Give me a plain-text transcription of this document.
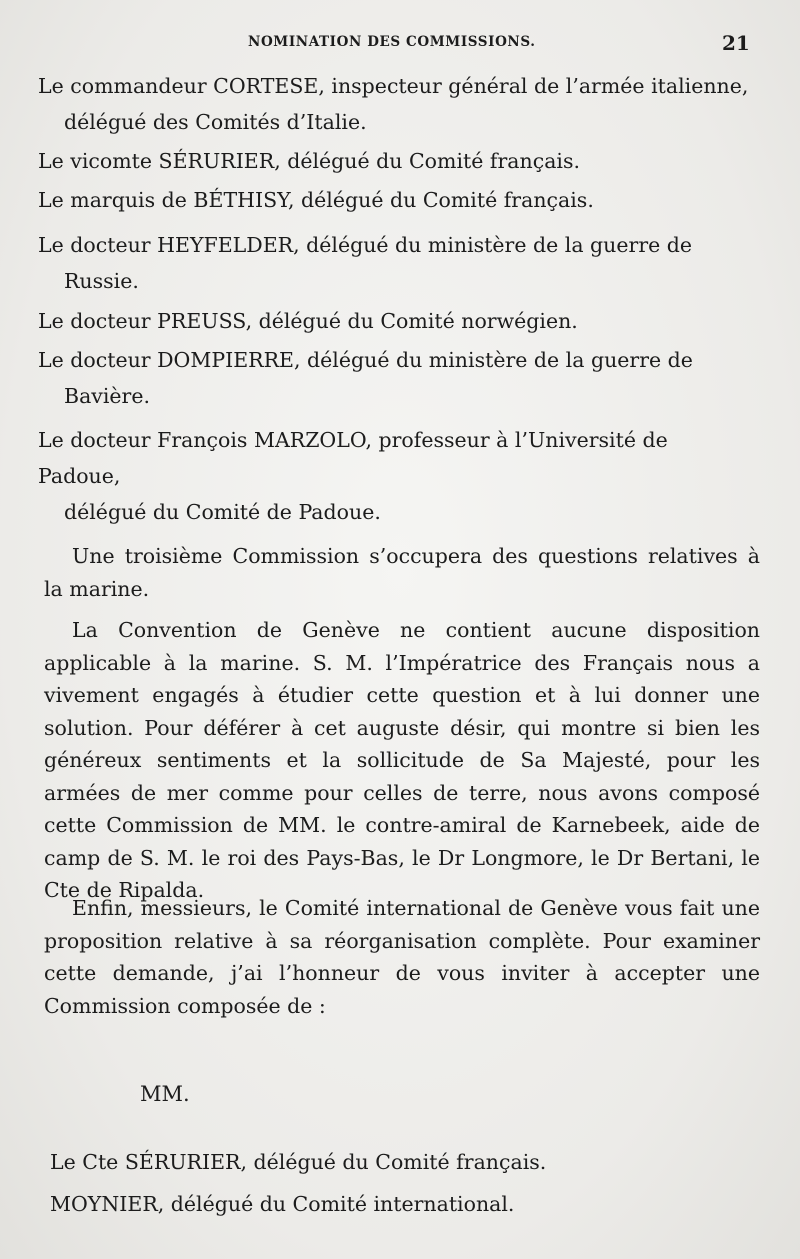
NOMINATION DES COMMISSIONS.	21
Le commandeur CORTESE, inspecteur général de l’armée italienne,
délégué des Comités d’Italie.
Le vicomte SÉRURIER, délégué du Comité français.
Le marquis de BÉTHISY, délégué du Comité français.
Le docteur HEYFELDER, délégué du ministère de la guerre de
Russie.
Le docteur PREUSS, délégué du Comité norwégien.
Le docteur DOMPIERRE, délégué du ministère de la guerre de
Bavière.
Le docteur François MARZOLO, professeur à l’Université de Padoue,
délégué du Comité de Padoue.
Une troisième Commission s’occupera des questions relatives à la marine.
La Convention de Genève ne contient aucune disposition applicable à la marine. S. M. l’Impératrice des Français nous a vivement engagés à étudier cette question et à lui donner une solution. Pour déférer à cet auguste désir, qui montre si bien les généreux sentiments et la sollicitude de Sa Majesté, pour les armées de mer comme pour celles de terre, nous avons composé cette Commission de MM. le contre-amiral de Karnebeek, aide de camp de S. M. le roi des Pays-Bas, le Dr Longmore, le Dr Bertani, le Cte de Ripalda.
Enfin, messieurs, le Comité international de Genève vous fait une proposition relative à sa réorganisation complète. Pour examiner cette demande, j’ai l’honneur de vous inviter à accepter une Commission composée de :
MM.
Le Cte SÉRURIER, délégué du Comité français.
MOYNIER, délégué du Comité international.
